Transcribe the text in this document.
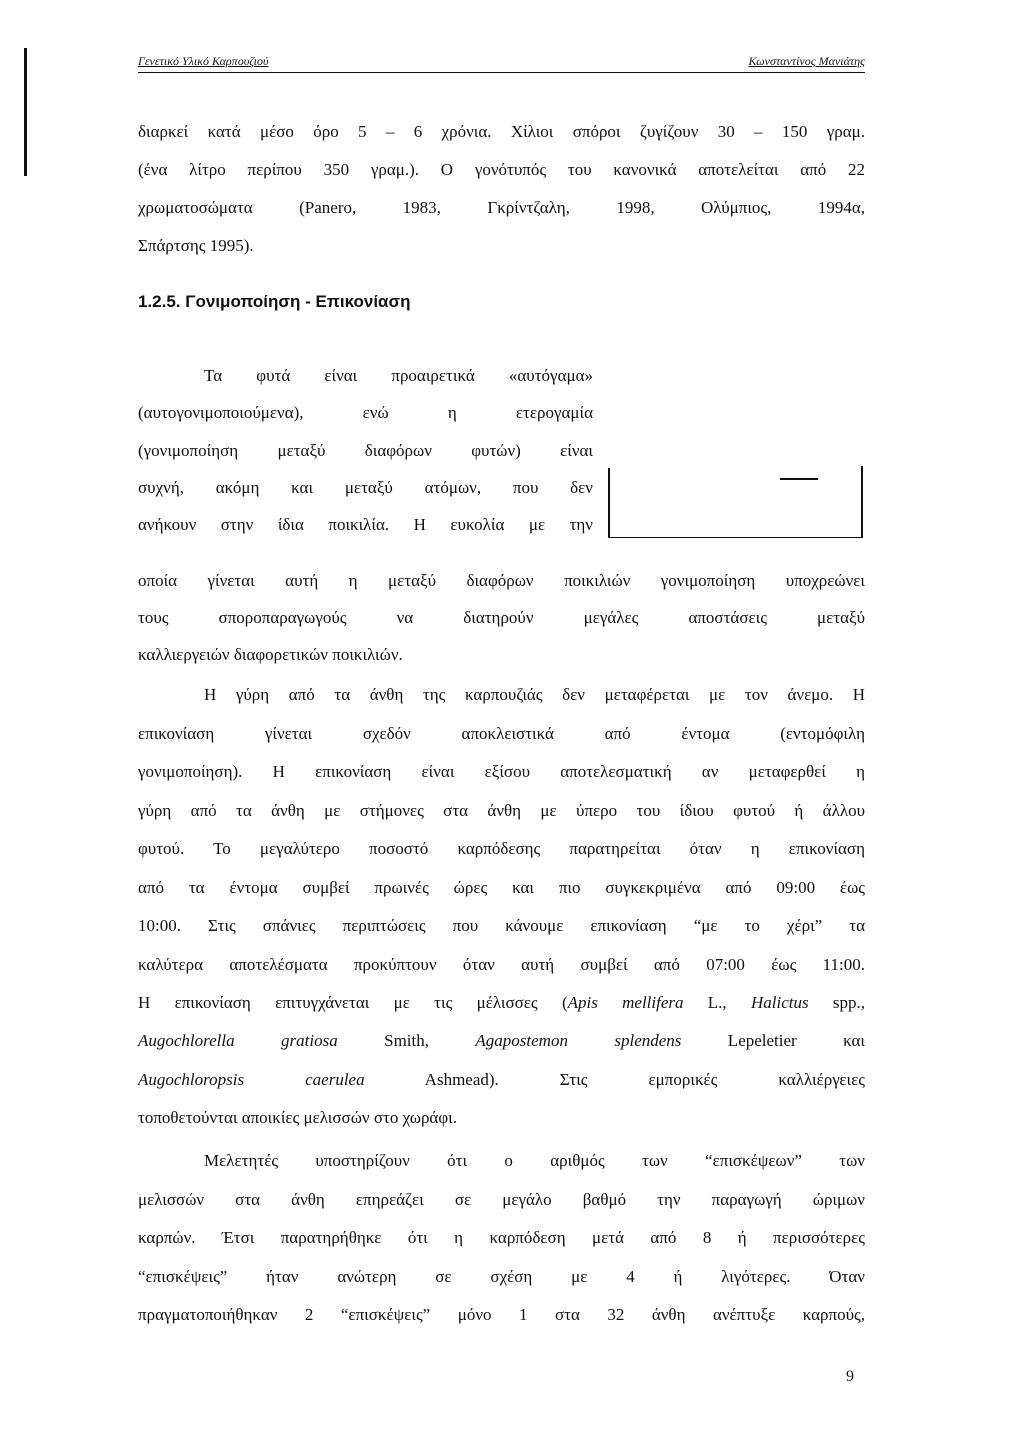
Γενετικό Υλικό Καρπουζιού	Κωνσταντίνος Μανιάτης

διαρκεί κατά μέσο όρο 5 – 6 χρόνια. Χίλιοι σπόροι ζυγίζουν 30 – 150 γραμ.

(ένα λίτρο περίπου 350 γραμ.). Ο γονότυπός του κανονικά αποτελείται από 22

χρωματοσώματα (Panero, 1983, Γκρίντζαλη, 1998, Ολύμπιος, 1994α,

Σπάρτσης 1995).

1.2.5. Γονιμοποίηση - Επικονίαση

Τα φυτά είναι προαιρετικά «αυτόγαμα»

(αυτογονιμοποιούμενα), ενώ η ετερογαμία

(γονιμοποίηση μεταξύ διαφόρων φυτών) είναι

συχνή, ακόμη και μεταξύ ατόμων, που δεν

ανήκουν στην ίδια ποικιλία. Η ευκολία με την

οποία γίνεται αυτή η μεταξύ διαφόρων ποικιλιών γονιμοποίηση υποχρεώνει

τους σποροπαραγωγούς να διατηρούν μεγάλες αποστάσεις μεταξύ

καλλιεργειών διαφορετικών ποικιλιών.

Η γύρη από τα άνθη της καρπουζιάς δεν μεταφέρεται με τον άνεμο. Η

επικονίαση γίνεται σχεδόν αποκλειστικά από έντομα (εντομόφιλη

γονιμοποίηση). Η επικονίαση είναι εξίσου αποτελεσματική αν μεταφερθεί η

γύρη από τα άνθη με στήμονες στα άνθη με ύπερο του ίδιου φυτού ή άλλου

φυτού. Το μεγαλύτερο ποσοστό καρπόδεσης παρατηρείται όταν η επικονίαση

από τα έντομα συμβεί πρωινές ώρες και πιο συγκεκριμένα από 09:00 έως

10:00. Στις σπάνιες περιπτώσεις που κάνουμε επικονίαση “με το χέρι” τα

καλύτερα αποτελέσματα προκύπτουν όταν αυτή συμβεί από 07:00 έως 11:00.

Η επικονίαση επιτυγχάνεται με τις μέλισσες (Apis mellifera L., Halictus spp.,

Augochlorella gratiosa Smith, Agapostemon splendens Lepeletier και

Augochloropsis caerulea Ashmead). Στις εμπορικές καλλιέργειες

τοποθετούνται αποικίες μελισσών στο χωράφι.

Μελετητές υποστηρίζουν ότι ο αριθμός των “επισκέψεων” των

μελισσών στα άνθη επηρεάζει σε μεγάλο βαθμό την παραγωγή ώριμων

καρπών. Έτσι παρατηρήθηκε ότι η καρπόδεση μετά από 8 ή περισσότερες

“επισκέψεις” ήταν ανώτερη σε σχέση με 4 ή λιγότερες. Όταν

πραγματοποιήθηκαν 2 “επισκέψεις” μόνο 1 στα 32 άνθη ανέπτυξε καρπούς,

9
